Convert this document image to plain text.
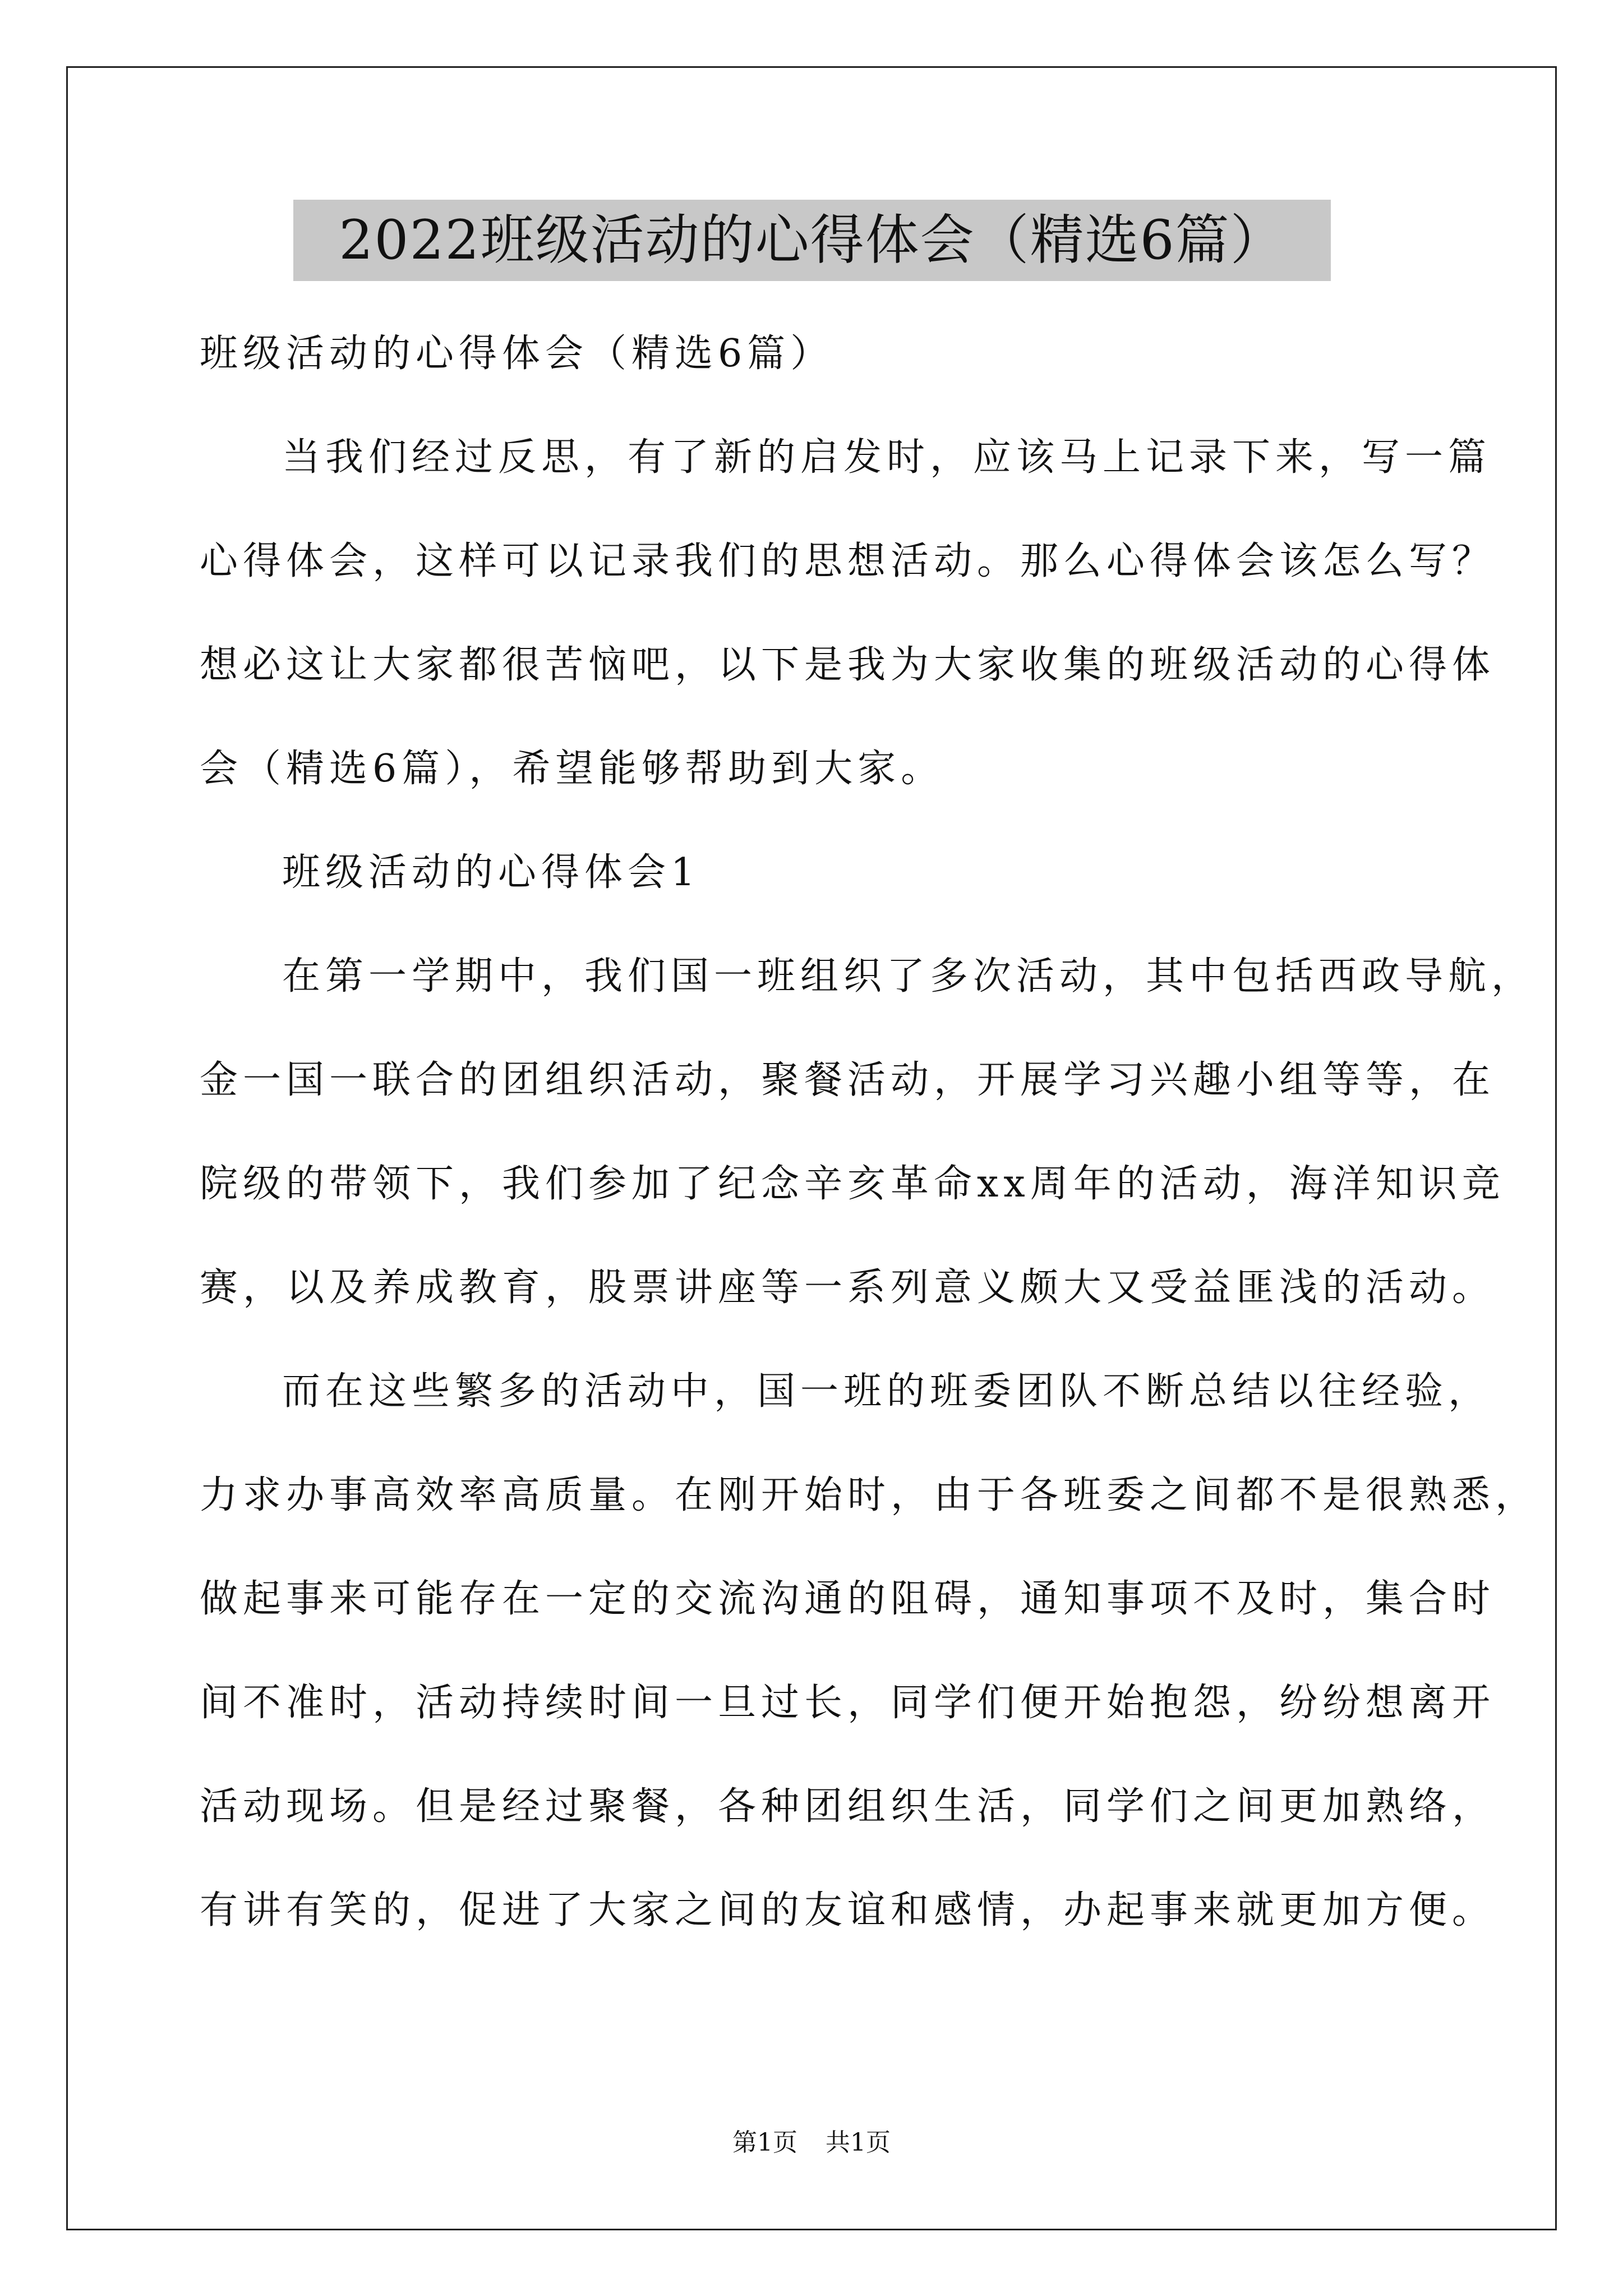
2022班级活动的心得体会（精选6篇）
班级活动的心得体会（精选6篇）
当我们经过反思，有了新的启发时，应该马上记录下来，写一篇
心得体会，这样可以记录我们的思想活动。那么心得体会该怎么写？
想必这让大家都很苦恼吧，以下是我为大家收集的班级活动的心得体
会（精选6篇），希望能够帮助到大家。
班级活动的心得体会1
在第一学期中，我们国一班组织了多次活动，其中包括西政导航，
金一国一联合的团组织活动，聚餐活动，开展学习兴趣小组等等，在
院级的带领下，我们参加了纪念辛亥革命xx周年的活动，海洋知识竞
赛，以及养成教育，股票讲座等一系列意义颇大又受益匪浅的活动。
而在这些繁多的活动中，国一班的班委团队不断总结以往经验，
力求办事高效率高质量。在刚开始时，由于各班委之间都不是很熟悉，
做起事来可能存在一定的交流沟通的阻碍，通知事项不及时，集合时
间不准时，活动持续时间一旦过长，同学们便开始抱怨，纷纷想离开
活动现场。但是经过聚餐，各种团组织生活，同学们之间更加熟络，
有讲有笑的，促进了大家之间的友谊和感情，办起事来就更加方便。
第1页 共1页
